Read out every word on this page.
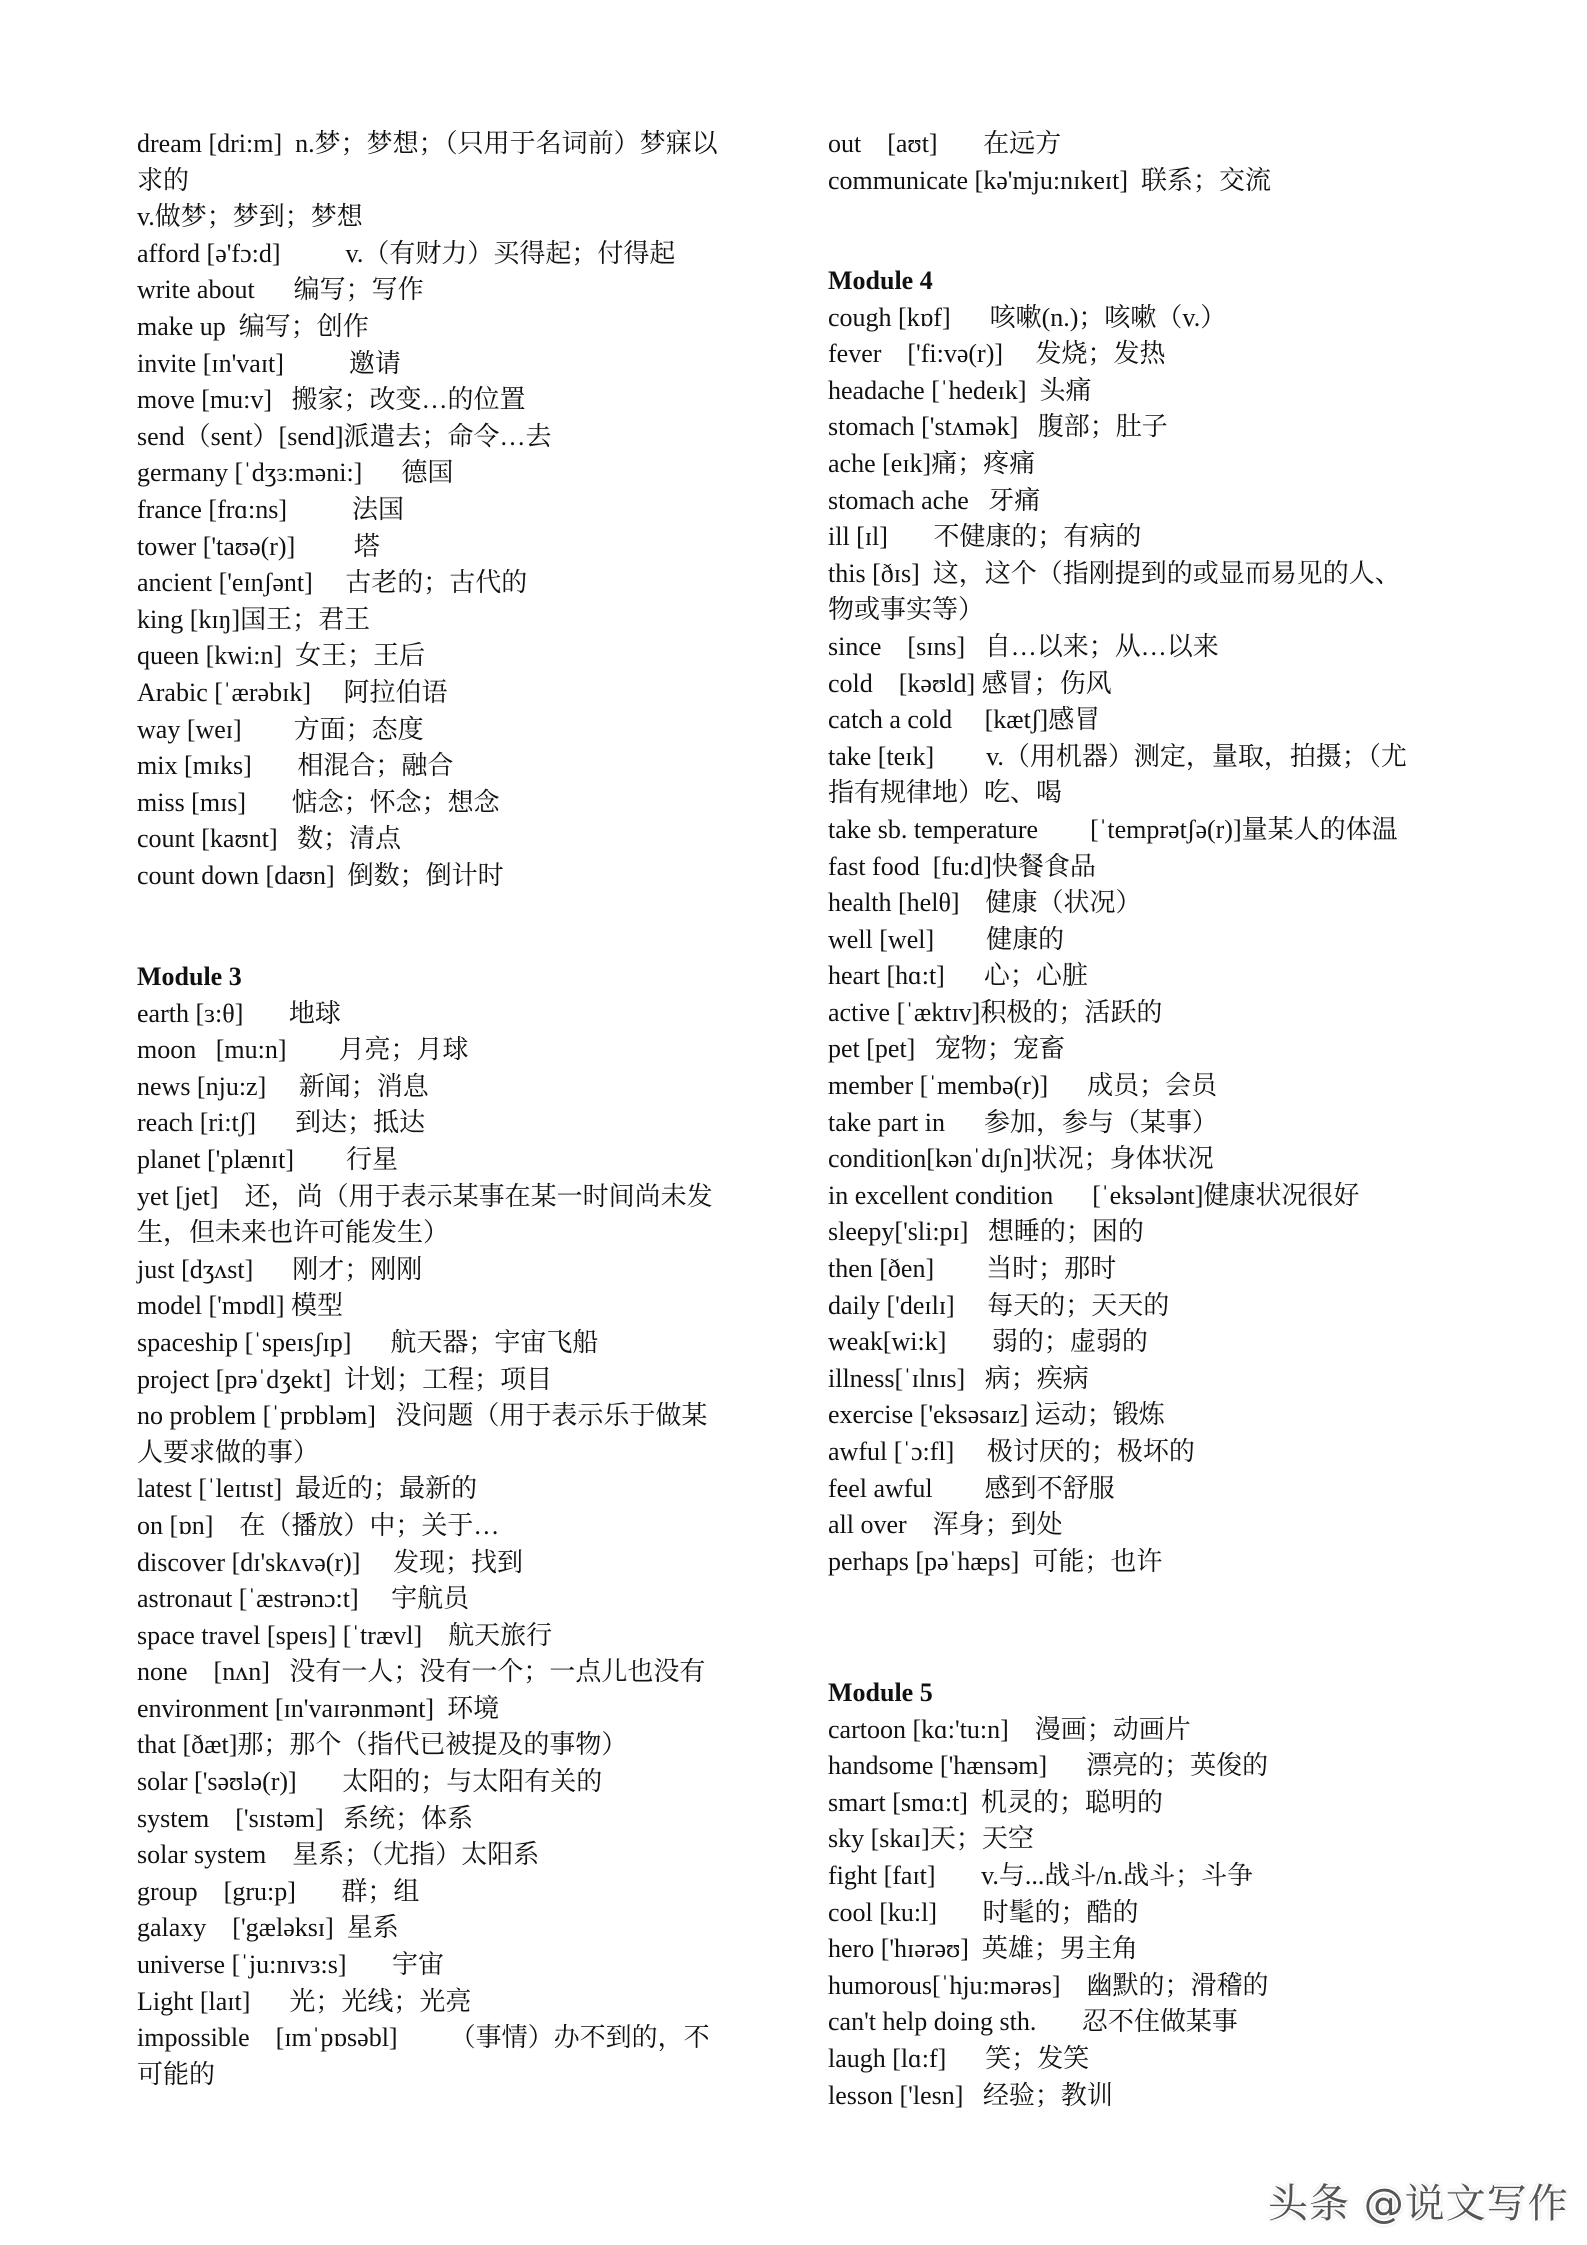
dream [dri:m]  n.梦；梦想；（只用于名词前）梦寐以
求的
v.做梦；梦到；梦想
afford [ə'fɔ:d]          v.（有财力）买得起；付得起
write about      编写；写作
make up  编写；创作
invite [ɪn'vaɪt]          邀请
move [mu:v]   搬家；改变…的位置
send（sent）[send]派遣去；命令…去
germany [ˈdʒɜ:məni:]      德国
france [frɑ:ns]          法国
tower ['taʊə(r)]         塔
ancient ['eɪnʃənt]     古老的；古代的
king [kɪŋ]国王；君王
queen [kwi:n]  女王；王后
Arabic [ˈærəbɪk]     阿拉伯语
way [weɪ]        方面；态度
mix [mɪks]       相混合；融合
miss [mɪs]       惦念；怀念；想念
count [kaʊnt]   数；清点
count down [daʊn]  倒数；倒计时
Module 3
earth [ɜ:θ]       地球
moon   [mu:n]        月亮；月球
news [nju:z]     新闻；消息
reach [ri:tʃ]      到达；抵达
planet ['plænɪt]        行星
yet [jet]    还，尚（用于表示某事在某一时间尚未发
生，但未来也许可能发生）
just [dʒʌst]      刚才；刚刚
model ['mɒdl] 模型
spaceship [ˈspeɪsʃɪp]      航天器；宇宙飞船
project [prəˈdʒekt]  计划；工程；项目
no problem [ˈprɒbləm]   没问题（用于表示乐于做某
人要求做的事）
latest [ˈleɪtɪst]  最近的；最新的
on [ɒn]    在（播放）中；关于…
discover [dɪ'skʌvə(r)]     发现；找到
astronaut [ˈæstrənɔ:t]     宇航员
space travel [speɪs] [ˈtrævl]    航天旅行
none    [nʌn]   没有一人；没有一个；一点儿也没有
environment [ɪn'vaɪrənmənt]  环境
that [ðæt]那；那个（指代已被提及的事物）
solar ['səʊlə(r)]       太阳的；与太阳有关的
system    ['sɪstəm]   系统；体系
solar system    星系；（尤指）太阳系
group    [gru:p]       群；组
galaxy    ['gæləksɪ]  星系
universe [ˈju:nɪvɜ:s]       宇宙
Light [laɪt]      光；光线；光亮
impossible    [ɪmˈpɒsəbl]        （事情）办不到的，不
可能的
out    [aʊt]       在远方
communicate [kə'mju:nɪkeɪt]  联系；交流
Module 4
cough [kɒf]      咳嗽(n.)；咳嗽（v.）
fever    ['fi:və(r)]     发烧；发热
headache [ˈhedeɪk]  头痛
stomach ['stʌmək]   腹部；肚子
ache [eɪk]痛；疼痛
stomach ache   牙痛
ill [ɪl]       不健康的；有病的
this [ðɪs]  这，这个（指刚提到的或显而易见的人、
物或事实等）
since    [sɪns]   自…以来；从…以来
cold    [kəʊld] 感冒；伤风
catch a cold     [kætʃ]感冒
take [teɪk]        v.（用机器）测定，量取，拍摄；（尤
指有规律地）吃、喝
take sb. temperature        [ˈtemprətʃə(r)]量某人的体温
fast food  [fu:d]快餐食品
health [helθ]    健康（状况）
well [wel]        健康的
heart [hɑ:t]      心；心脏
active [ˈæktɪv]积极的；活跃的
pet [pet]   宠物；宠畜
member [ˈmembə(r)]      成员；会员
take part in      参加，参与（某事）
condition[kənˈdɪʃn]状况；身体状况
in excellent condition      [ˈeksələnt]健康状况很好
sleepy['sli:pɪ]   想睡的；困的
then [ðen]        当时；那时
daily ['deɪlɪ]     每天的；天天的
weak[wi:k]       弱的；虚弱的
illness[ˈɪlnɪs]   病；疾病
exercise ['eksəsaɪz] 运动；锻炼
awful [ˈɔ:fl]     极讨厌的；极坏的
feel awful        感到不舒服
all over    浑身；到处
perhaps [pəˈhæps]  可能；也许
Module 5
cartoon [kɑ:'tu:n]    漫画；动画片
handsome ['hænsəm]      漂亮的；英俊的
smart [smɑ:t]  机灵的；聪明的
sky [skaɪ]天；天空
fight [faɪt]       v.与...战斗/n.战斗；斗争
cool [ku:l]       时髦的；酷的
hero ['hɪərəʊ]  英雄；男主角
humorous[ˈhju:mərəs]    幽默的；滑稽的
can't help doing sth.       忍不住做某事
laugh [lɑ:f]      笑；发笑
lesson ['lesn]   经验；教训
头条 @说文写作
